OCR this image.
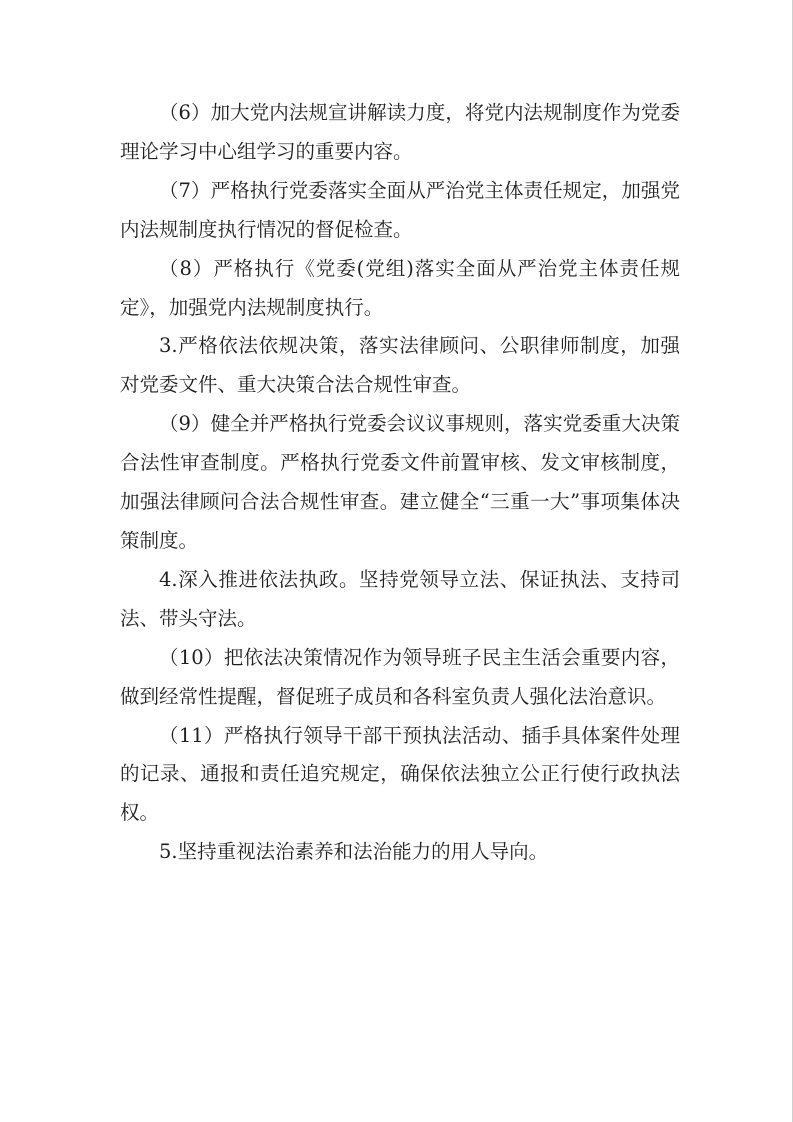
（6）加大党内法规宣讲解读力度，将党内法规制度作为党委理论学习中心组学习的重要内容。

（7）严格执行党委落实全面从严治党主体责任规定，加强党内法规制度执行情况的督促检查。

（8）严格执行《党委(党组)落实全面从严治党主体责任规定》，加强党内法规制度执行。

3.严格依法依规决策，落实法律顾问、公职律师制度，加强对党委文件、重大决策合法合规性审查。

（9）健全并严格执行党委会议议事规则，落实党委重大决策合法性审查制度。严格执行党委文件前置审核、发文审核制度，加强法律顾问合法合规性审查。建立健全“三重一大”事项集体决策制度。

4.深入推进依法执政。坚持党领导立法、保证执法、支持司法、带头守法。

（10）把依法决策情况作为领导班子民主生活会重要内容，做到经常性提醒，督促班子成员和各科室负责人强化法治意识。

（11）严格执行领导干部干预执法活动、插手具体案件处理的记录、通报和责任追究规定，确保依法独立公正行使行政执法权。

5.坚持重视法治素养和法治能力的用人导向。
